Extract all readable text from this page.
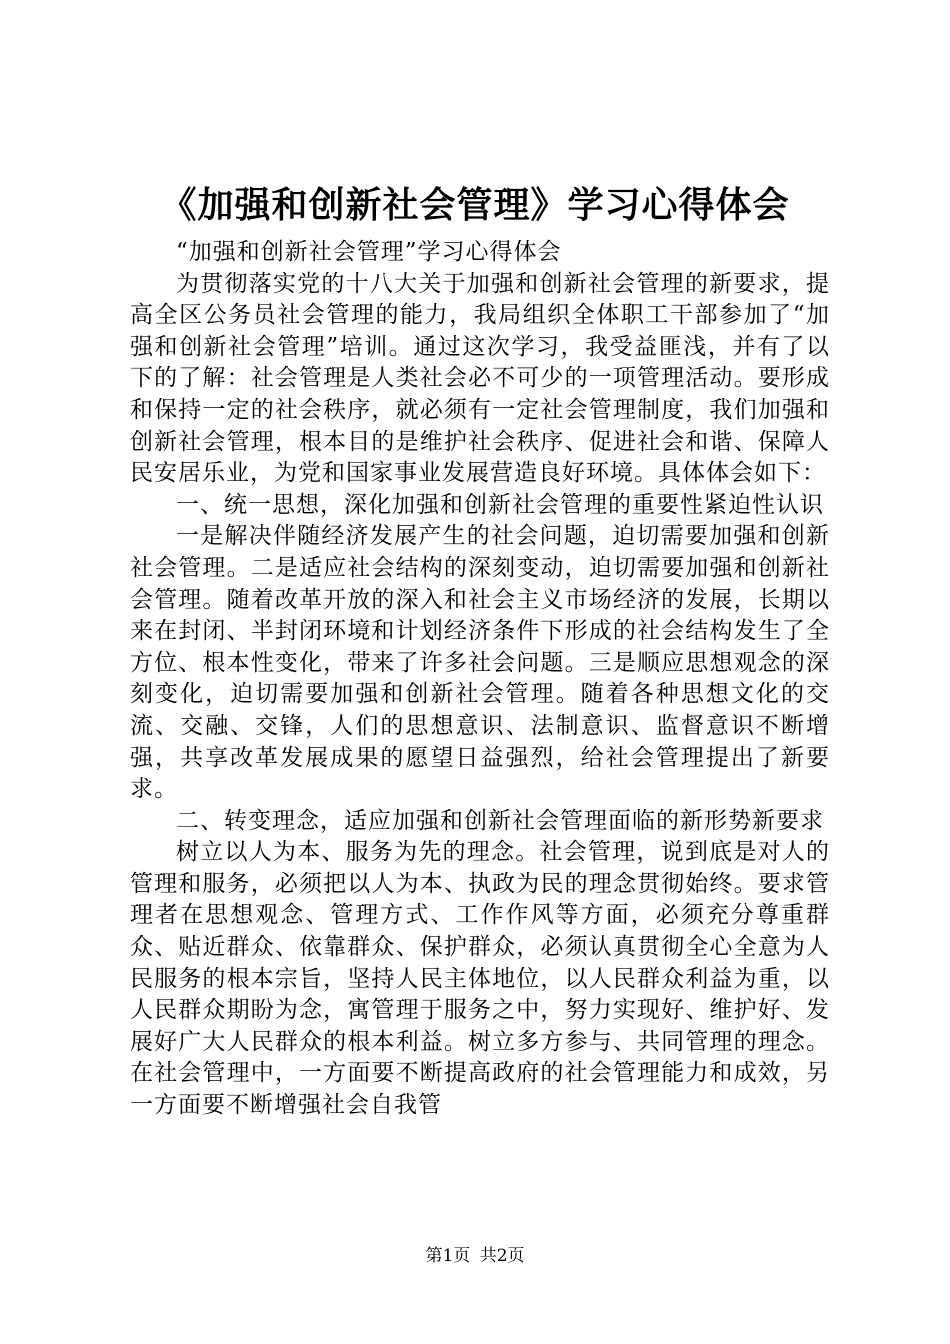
《加强和创新社会管理》学习心得体会

“加强和创新社会管理”学习心得体会

为贯彻落实党的十八大关于加强和创新社会管理的新要求，提高全区公务员社会管理的能力，我局组织全体职工干部参加了“加强和创新社会管理”培训。通过这次学习，我受益匪浅，并有了以下的了解：社会管理是人类社会必不可少的一项管理活动。要形成和保持一定的社会秩序，就必须有一定社会管理制度，我们加强和创新社会管理，根本目的是维护社会秩序、促进社会和谐、保障人民安居乐业，为党和国家事业发展营造良好环境。具体体会如下：

一、统一思想，深化加强和创新社会管理的重要性紧迫性认识

一是解决伴随经济发展产生的社会问题，迫切需要加强和创新社会管理。二是适应社会结构的深刻变动，迫切需要加强和创新社会管理。随着改革开放的深入和社会主义市场经济的发展，长期以来在封闭、半封闭环境和计划经济条件下形成的社会结构发生了全方位、根本性变化，带来了许多社会问题。三是顺应思想观念的深刻变化，迫切需要加强和创新社会管理。随着各种思想文化的交流、交融、交锋，人们的思想意识、法制意识、监督意识不断增强，共享改革发展成果的愿望日益强烈，给社会管理提出了新要求。

二、转变理念，适应加强和创新社会管理面临的新形势新要求

树立以人为本、服务为先的理念。社会管理，说到底是对人的管理和服务，必须把以人为本、执政为民的理念贯彻始终。要求管理者在思想观念、管理方式、工作作风等方面，必须充分尊重群众、贴近群众、依靠群众、保护群众，必须认真贯彻全心全意为人民服务的根本宗旨，坚持人民主体地位，以人民群众利益为重，以人民群众期盼为念，寓管理于服务之中，努力实现好、维护好、发展好广大人民群众的根本利益。树立多方参与、共同管理的理念。在社会管理中，一方面要不断提高政府的社会管理能力和成效，另一方面要不断增强社会自我管

第1页 共2页
